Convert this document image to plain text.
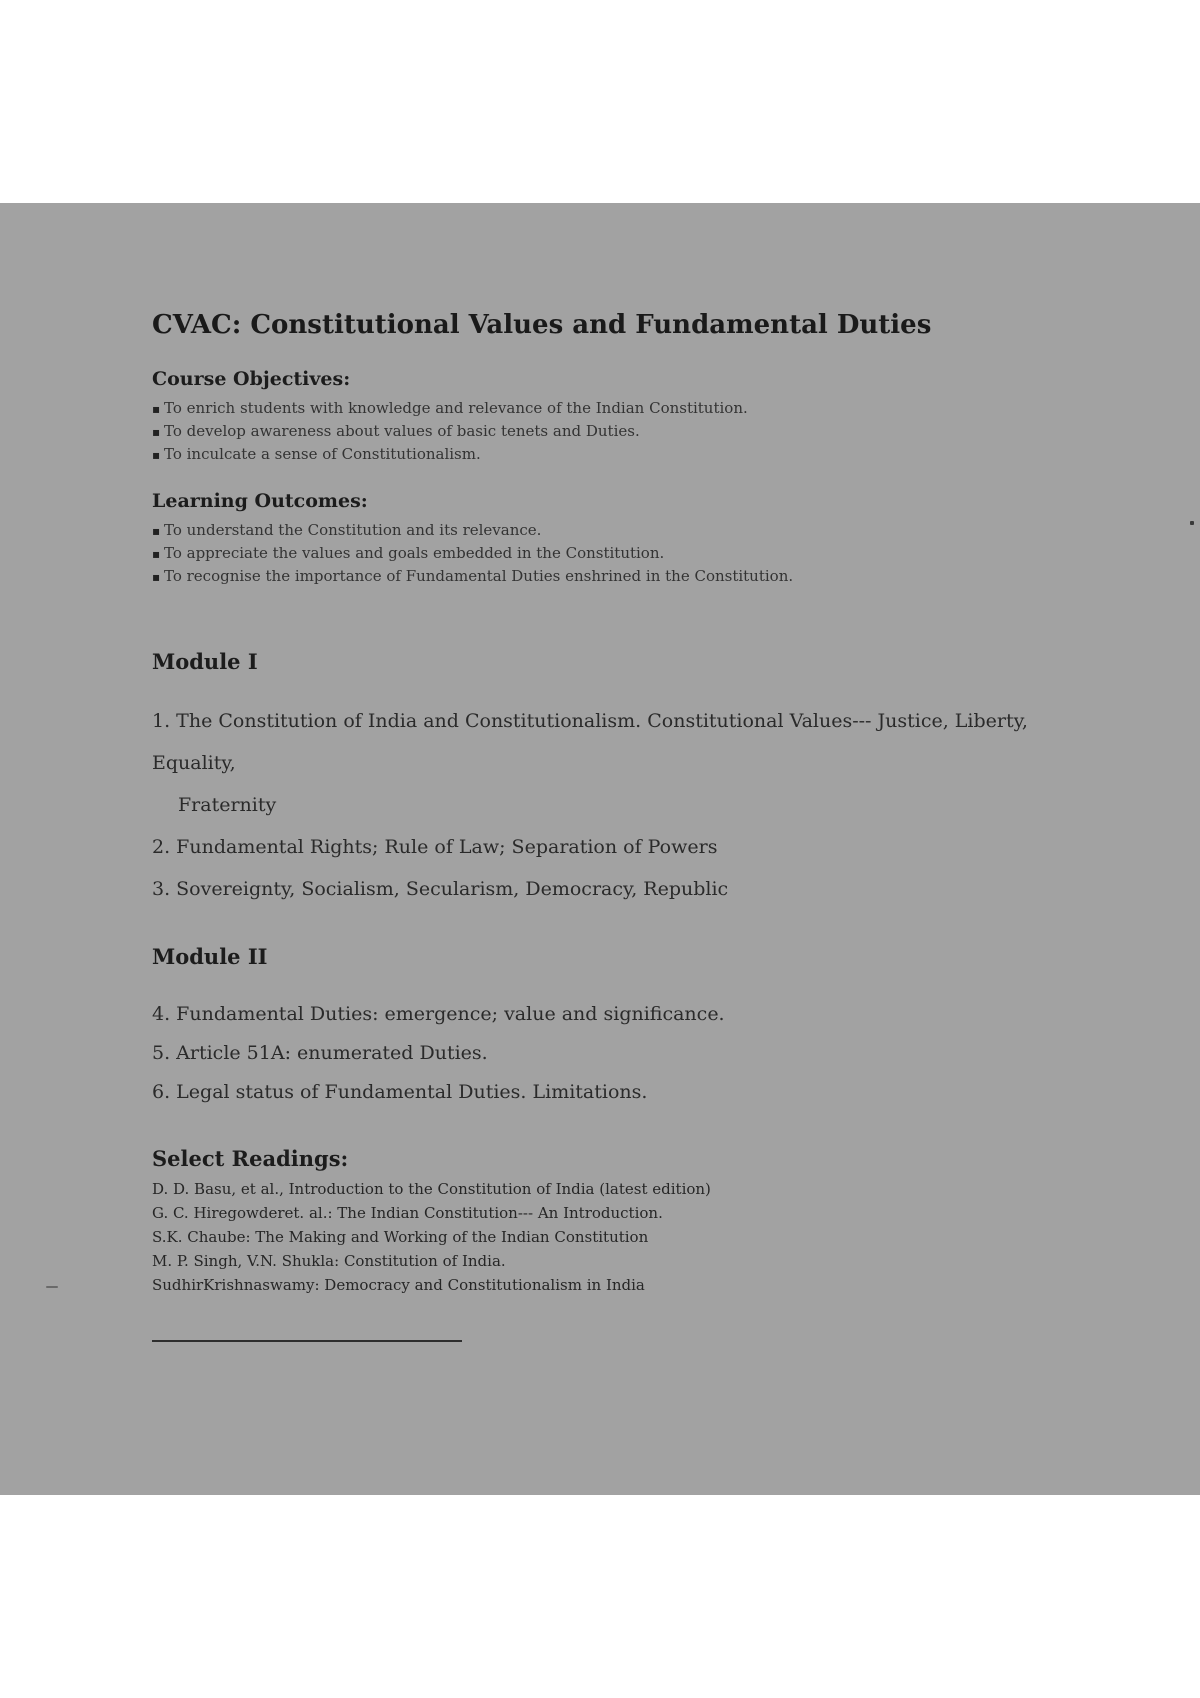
CVAC: Constitutional Values and Fundamental Duties
Course Objectives:
▪ To enrich students with knowledge and relevance of the Indian Constitution.
▪ To develop awareness about values of basic tenets and Duties.
▪ To inculcate a sense of Constitutionalism.
Learning Outcomes:
▪ To understand the Constitution and its relevance.
▪ To appreciate the values and goals embedded in the Constitution.
▪ To recognise the importance of Fundamental Duties enshrined in the Constitution.
Module I
1. The Constitution of India and Constitutionalism. Constitutional Values--- Justice, Liberty,
Equality,
Fraternity
2. Fundamental Rights; Rule of Law; Separation of Powers
3. Sovereignty, Socialism, Secularism, Democracy, Republic
Module II
4. Fundamental Duties: emergence; value and significance.
5. Article 51A: enumerated Duties.
6. Legal status of Fundamental Duties. Limitations.
Select Readings:
D. D. Basu, et al., Introduction to the Constitution of India (latest edition)
G. C. Hiregowderet. al.: The Indian Constitution--- An Introduction.
S.K. Chaube: The Making and Working of the Indian Constitution
M. P. Singh, V.N. Shukla: Constitution of India.
SudhirKrishnaswamy: Democracy and Constitutionalism in India
